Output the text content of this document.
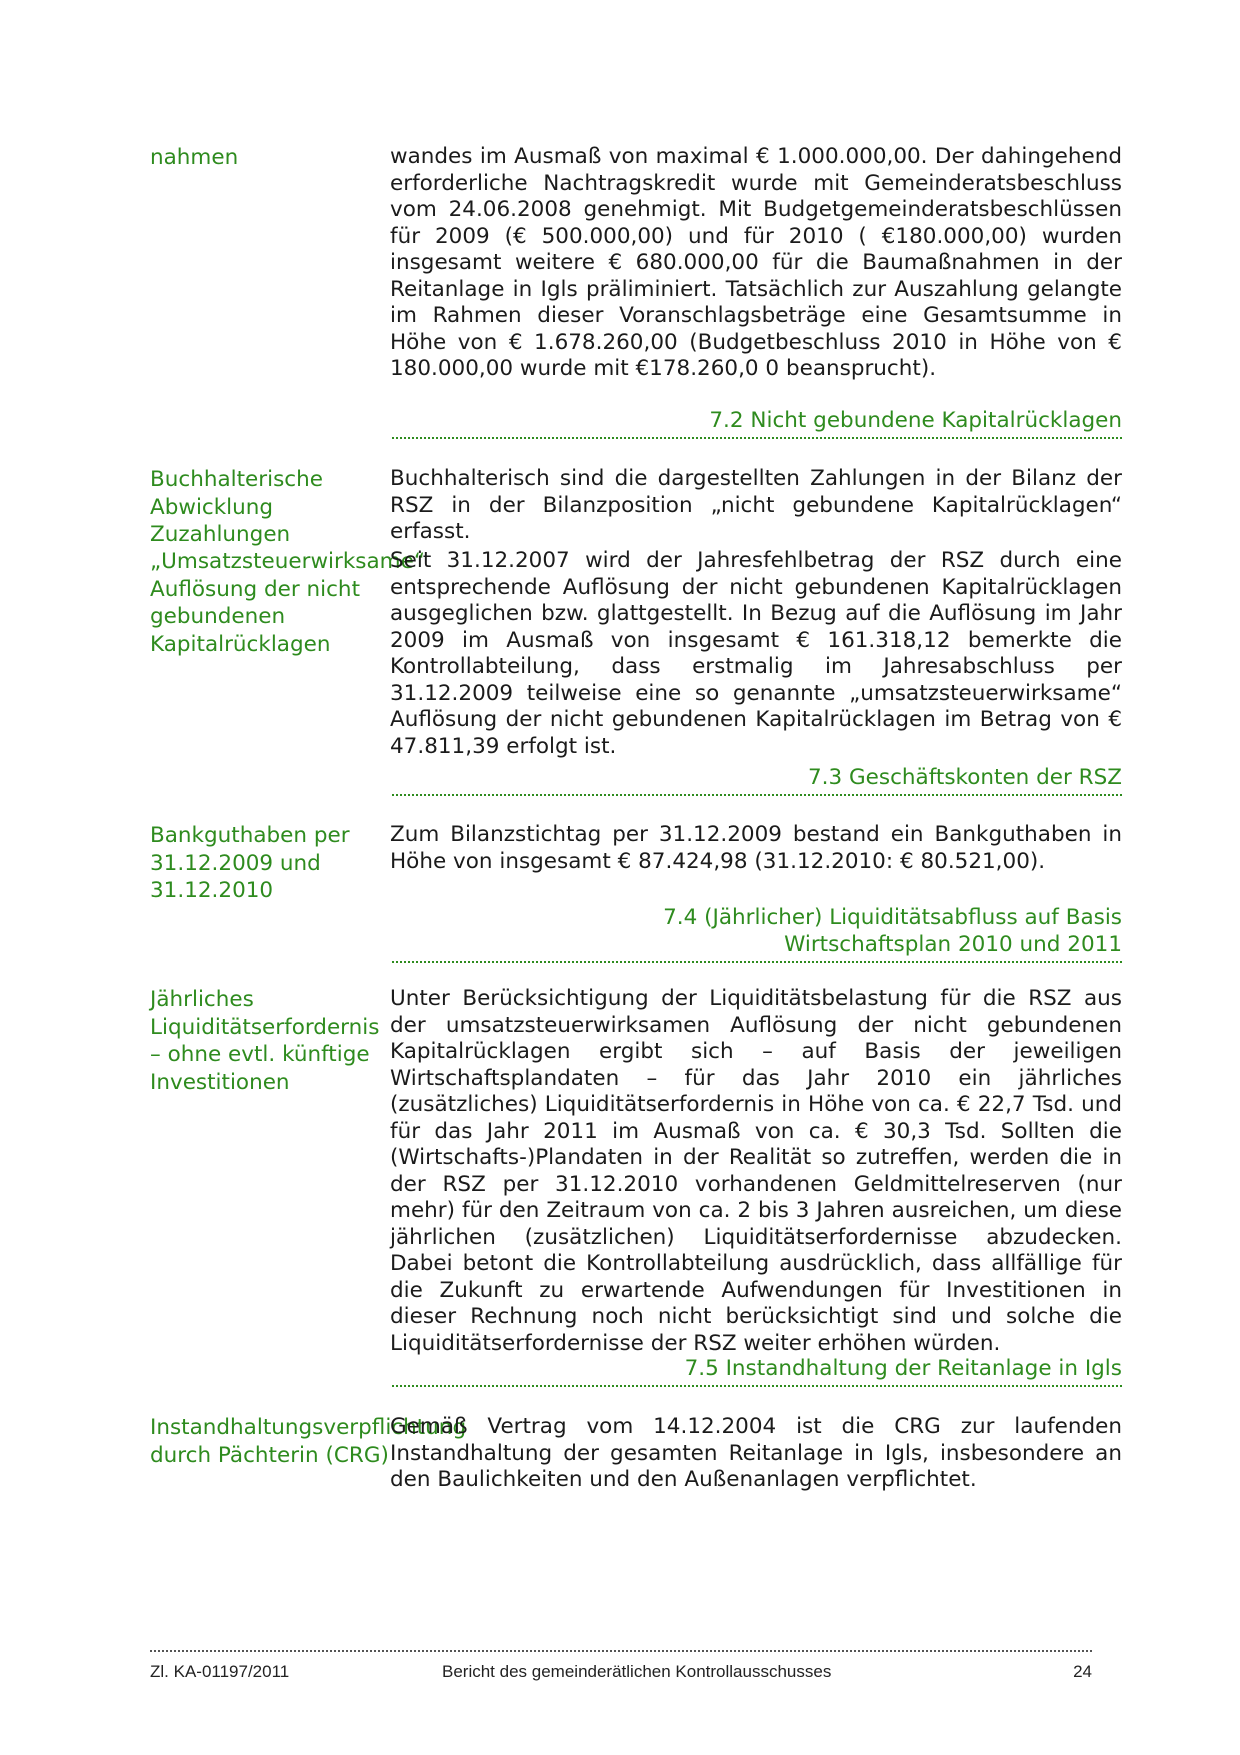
nahmen	wandes im Ausmaß von maximal € 1.000.000,00. Der dahingehend erforderliche Nachtragskredit wurde mit Gemeinderatsbeschluss vom 24.06.2008 genehmigt. Mit Budgetgemeinderatsbeschlüssen für 2009 (€ 500.000,00) und für 2010 ( €180.000,00) wurden insgesamt weitere € 680.000,00 für die Baumaßnahmen in der Reitanlage in Igls präliminiert. Tatsächlich zur Auszahlung gelangte im Rahmen dieser Voranschlagsbeträge eine Gesamtsumme in Höhe von € 1.678.260,00 (Budgetbeschluss 2010 in Höhe von € 180.000,00 wurde mit €178.260,0 0 beansprucht).
7.2 Nicht gebundene Kapitalrücklagen
Buchhalterische Abwicklung Zuzahlungen
Buchhalterisch sind die dargestellten Zahlungen in der Bilanz der RSZ in der Bilanzposition „nicht gebundene Kapitalrücklagen“ erfasst.
„Umsatzsteuerwirksame“ Auflösung der nicht gebundenen Kapitalrücklagen
Seit 31.12.2007 wird der Jahresfehlbetrag der RSZ durch eine entsprechende Auflösung der nicht gebundenen Kapitalrücklagen ausgeglichen bzw. glattgestellt. In Bezug auf die Auflösung im Jahr 2009 im Ausmaß von insgesamt € 161.318,12 bemerkte die Kontrollabteilung, dass erstmalig im Jahresabschluss per 31.12.2009 teilweise eine so genannte „umsatzsteuerwirksame“ Auflösung der nicht gebundenen Kapitalrücklagen im Betrag von € 47.811,39 erfolgt ist.
7.3 Geschäftskonten der RSZ
Bankguthaben per 31.12.2009 und 31.12.2010
Zum Bilanzstichtag per 31.12.2009 bestand ein Bankguthaben in Höhe von insgesamt € 87.424,98 (31.12.2010: € 80.521,00).
7.4 (Jährlicher) Liquiditätsabfluss auf Basis
Wirtschaftsplan 2010 und 2011
Jährliches Liquiditätserfordernis – ohne evtl. künftige Investitionen
Unter Berücksichtigung der Liquiditätsbelastung für die RSZ aus der umsatzsteuerwirksamen Auflösung der nicht gebundenen Kapitalrücklagen ergibt sich – auf Basis der jeweiligen Wirtschaftsplandaten – für das Jahr 2010 ein jährliches (zusätzliches) Liquiditätserfordernis in Höhe von ca. € 22,7 Tsd. und für das Jahr 2011 im Ausmaß von ca. € 30,3 Tsd. Sollten die (Wirtschafts-)Plandaten in der Realität so zutreffen, werden die in der RSZ per 31.12.2010 vorhandenen Geldmittelreserven (nur mehr) für den Zeitraum von ca. 2 bis 3 Jahren ausreichen, um diese jährlichen (zusätzlichen) Liquiditätserfordernisse abzudecken. Dabei betont die Kontrollabteilung ausdrücklich, dass allfällige für die Zukunft zu erwartende Aufwendungen für Investitionen in dieser Rechnung noch nicht berücksichtigt sind und solche die Liquiditätserfordernisse der RSZ weiter erhöhen würden.
7.5 Instandhaltung der Reitanlage in Igls
Instandhaltungsverpflichtung durch Pächterin (CRG)
Gemäß Vertrag vom 14.12.2004 ist die CRG zur laufenden Instandhaltung der gesamten Reitanlage in Igls, insbesondere an den Baulichkeiten und den Außenanlagen verpflichtet.
Zl. KA-01197/2011	Bericht des gemeinderätlichen Kontrollausschusses	24
